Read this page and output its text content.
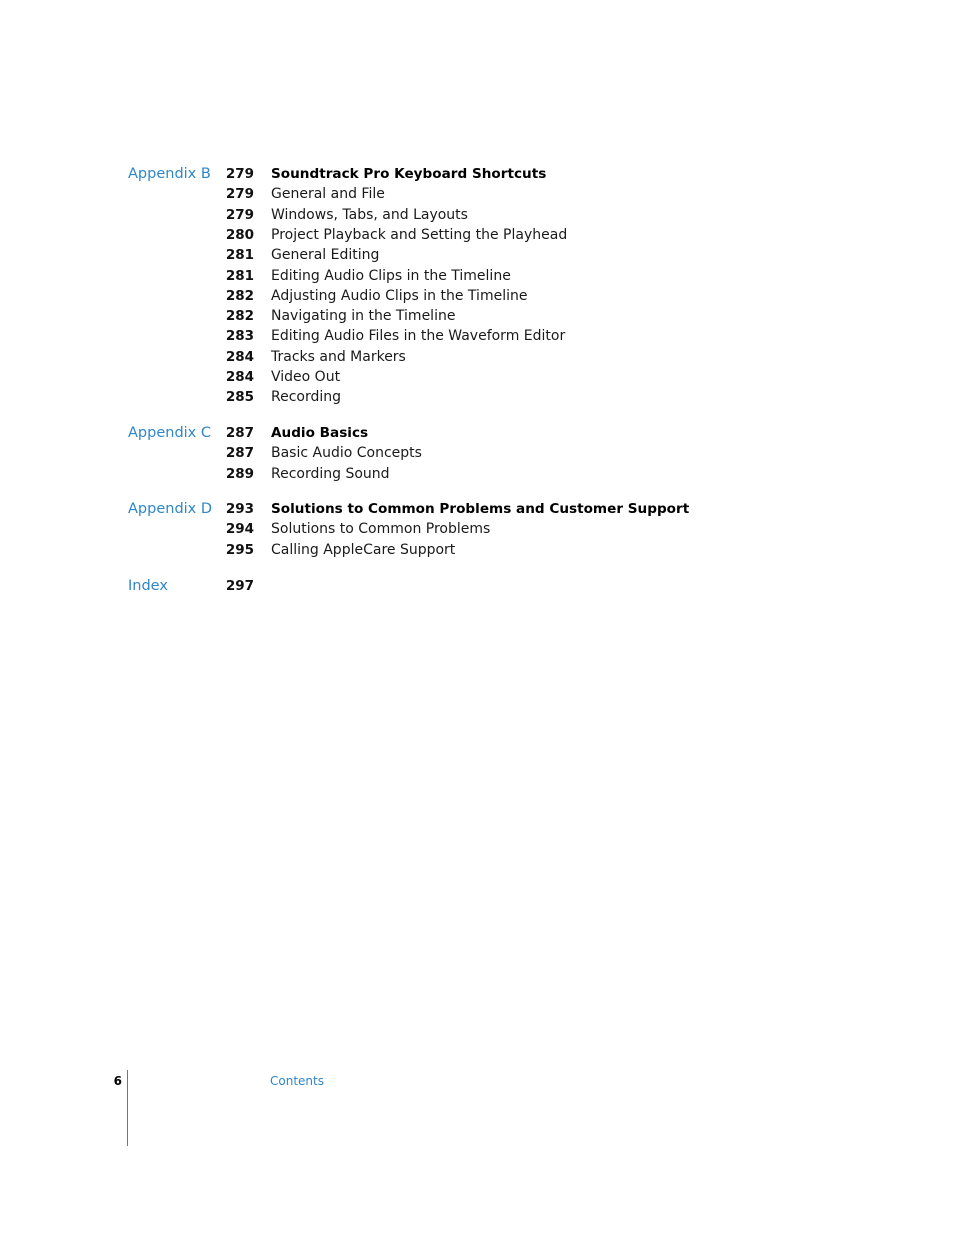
Appendix B	279 Soundtrack Pro Keyboard Shortcuts
279 General and File
279 Windows, Tabs, and Layouts
280 Project Playback and Setting the Playhead
281 General Editing
281 Editing Audio Clips in the Timeline
282 Adjusting Audio Clips in the Timeline
282 Navigating in the Timeline
283 Editing Audio Files in the Waveform Editor
284 Tracks and Markers
284 Video Out
285 Recording
Appendix C	287 Audio Basics
287 Basic Audio Concepts
289 Recording Sound
Appendix D	293 Solutions to Common Problems and Customer Support
294 Solutions to Common Problems
295 Calling AppleCare Support
Index	297
6	Contents
